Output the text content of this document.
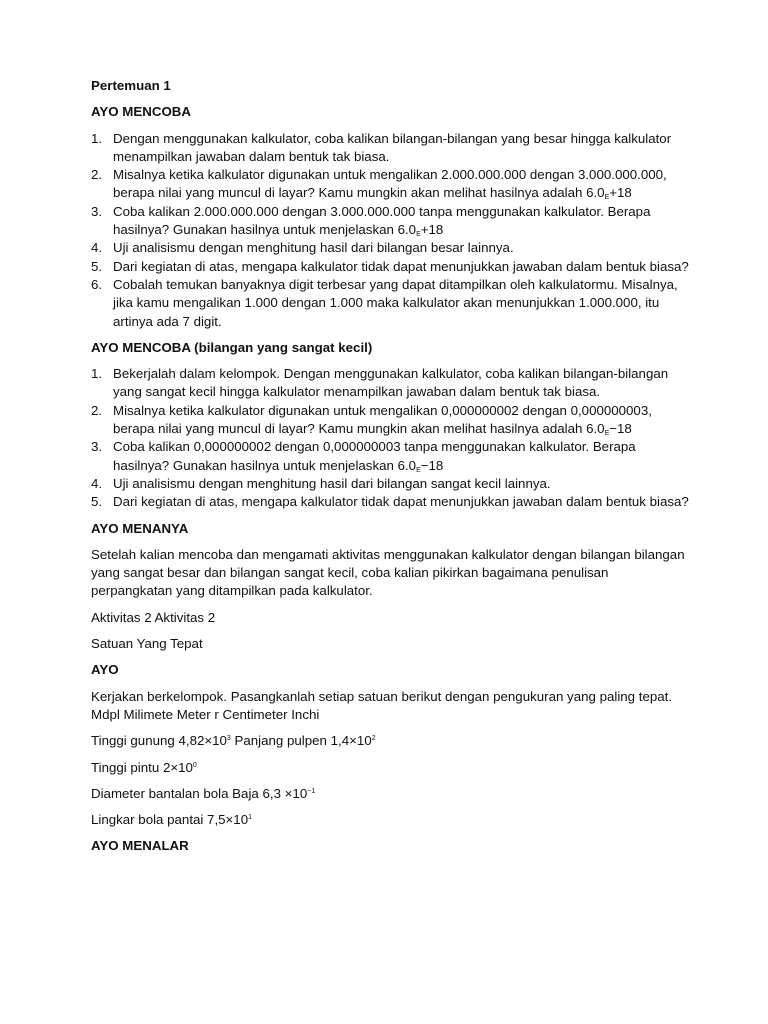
Pertemuan 1
AYO MENCOBA
1. Dengan menggunakan kalkulator, coba kalikan bilangan-bilangan yang besar hingga kalkulator menampilkan jawaban dalam bentuk tak biasa.
2. Misalnya ketika kalkulator digunakan untuk mengalikan 2.000.000.000 dengan 3.000.000.000, berapa nilai yang muncul di layar? Kamu mungkin akan melihat hasilnya adalah $6.0_E+18$
3. Coba kalikan 2.000.000.000 dengan 3.000.000.000 tanpa menggunakan kalkulator. Berapa hasilnya? Gunakan hasilnya untuk menjelaskan $6.0_E+18$
4. Uji analisismu dengan menghitung hasil dari bilangan besar lainnya.
5. Dari kegiatan di atas, mengapa kalkulator tidak dapat menunjukkan jawaban dalam bentuk biasa?
6. Cobalah temukan banyaknya digit terbesar yang dapat ditampilkan oleh kalkulatormu. Misalnya, jika kamu mengalikan 1.000 dengan 1.000 maka kalkulator akan menunjukkan 1.000.000, itu artinya ada 7 digit.
AYO MENCOBA (bilangan yang sangat kecil)
1. Bekerjalah dalam kelompok. Dengan menggunakan kalkulator, coba kalikan bilangan-bilangan yang sangat kecil hingga kalkulator menampilkan jawaban dalam bentuk tak biasa.
2. Misalnya ketika kalkulator digunakan untuk mengalikan 0,000000002 dengan 0,000000003, berapa nilai yang muncul di layar? Kamu mungkin akan melihat hasilnya adalah $6.0_E-18$
3. Coba kalikan 0,000000002 dengan 0,000000003 tanpa menggunakan kalkulator. Berapa hasilnya? Gunakan hasilnya untuk menjelaskan $6.0_E-18$
4. Uji analisismu dengan menghitung hasil dari bilangan sangat kecil lainnya.
5. Dari kegiatan di atas, mengapa kalkulator tidak dapat menunjukkan jawaban dalam bentuk biasa?
AYO MENANYA
Setelah kalian mencoba dan mengamati aktivitas menggunakan kalkulator dengan bilangan bilangan yang sangat besar dan bilangan sangat kecil, coba kalian pikirkan bagaimana penulisan perpangkatan yang ditampilkan pada kalkulator.
Aktivitas 2 Aktivitas 2
Satuan Yang Tepat
AYO
Kerjakan berkelompok. Pasangkanlah setiap satuan berikut dengan pengukuran yang paling tepat. Mdpl Milimete Meter r Centimeter Inchi
Tinggi gunung $4,82\times 10^3$ Panjang pulpen $1,4\times 10^2$
Tinggi pintu $2\times 10^0$
Diameter bantalan bola Baja $6,3 \times 10^{-1}$
Lingkar bola pantai $7,5\times 10^1$
AYO MENALAR
